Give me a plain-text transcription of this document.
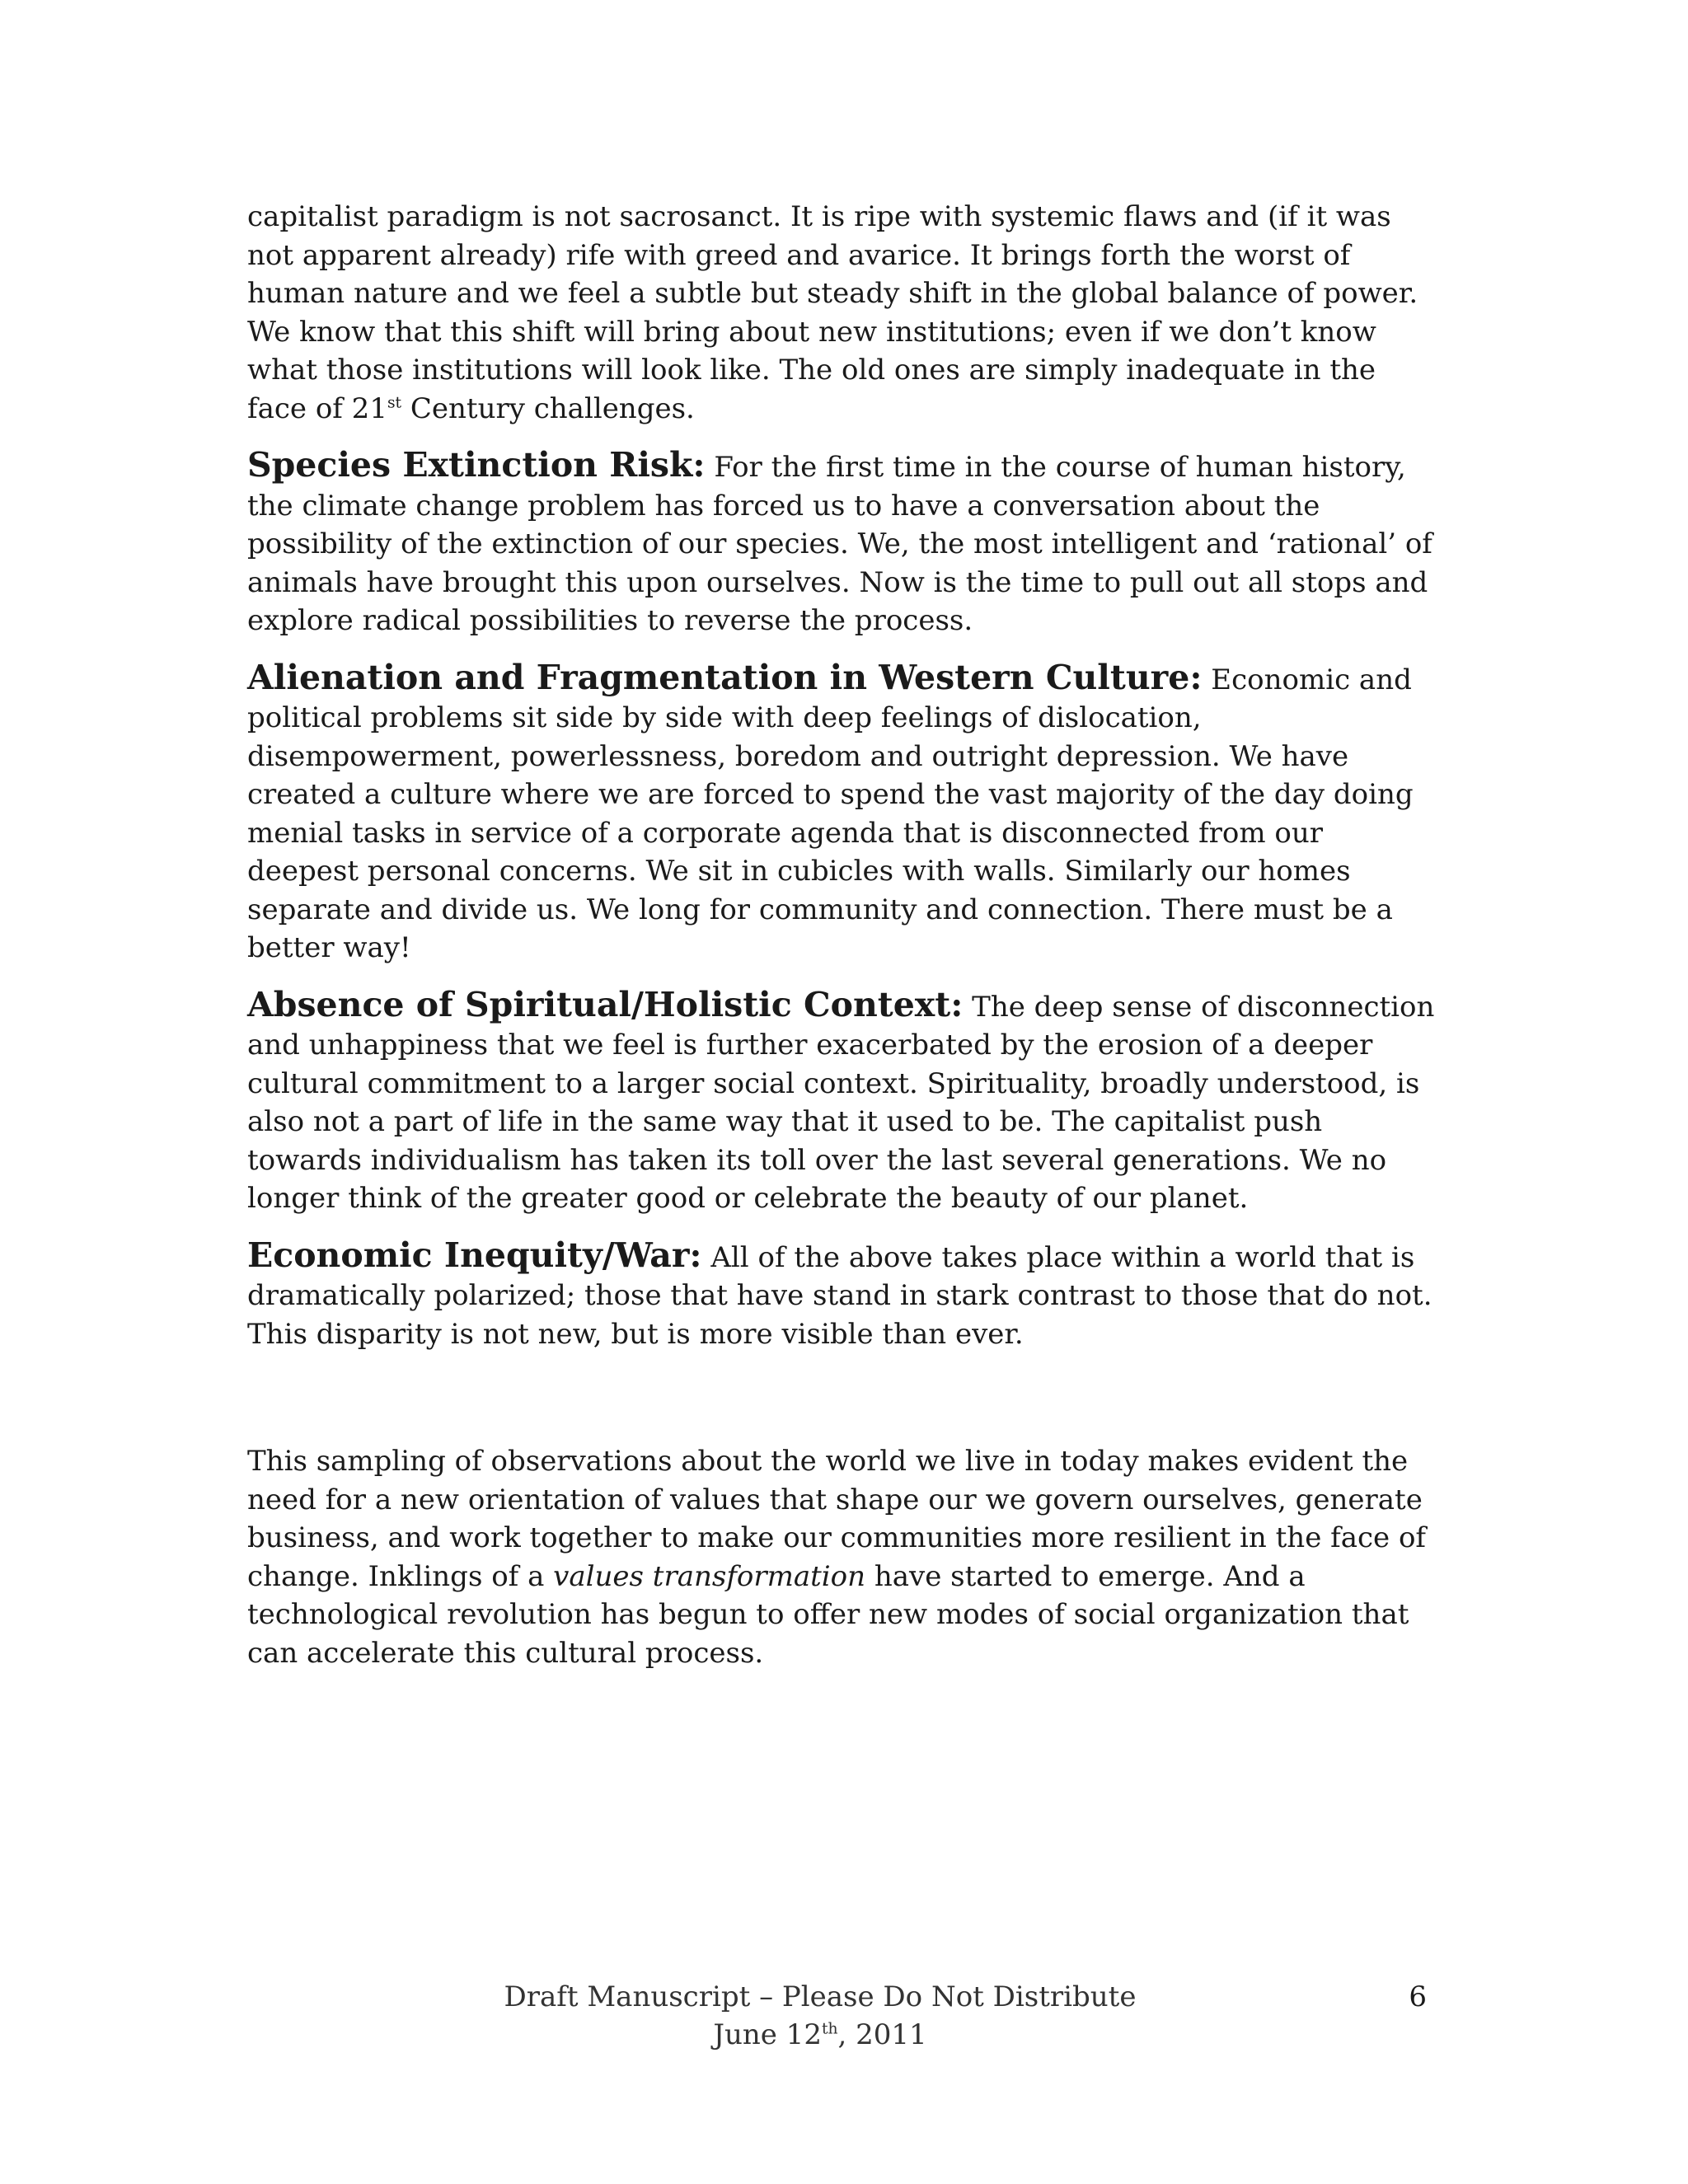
capitalist paradigm is not sacrosanct. It is ripe with systemic flaws and (if it was not apparent already) rife with greed and avarice. It brings forth the worst of human nature and we feel a subtle but steady shift in the global balance of power. We know that this shift will bring about new institutions; even if we don’t know what those institutions will look like. The old ones are simply inadequate in the face of 21st Century challenges.

Species Extinction Risk: For the first time in the course of human history, the climate change problem has forced us to have a conversation about the possibility of the extinction of our species. We, the most intelligent and ‘rational’ of animals have brought this upon ourselves. Now is the time to pull out all stops and explore radical possibilities to reverse the process.

Alienation and Fragmentation in Western Culture: Economic and political problems sit side by side with deep feelings of dislocation, disempowerment, powerlessness, boredom and outright depression. We have created a culture where we are forced to spend the vast majority of the day doing menial tasks in service of a corporate agenda that is disconnected from our deepest personal concerns. We sit in cubicles with walls. Similarly our homes separate and divide us. We long for community and connection. There must be a better way!

Absence of Spiritual/Holistic Context: The deep sense of disconnection and unhappiness that we feel is further exacerbated by the erosion of a deeper cultural commitment to a larger social context. Spirituality, broadly understood, is also not a part of life in the same way that it used to be. The capitalist push towards individualism has taken its toll over the last several generations. We no longer think of the greater good or celebrate the beauty of our planet.

Economic Inequity/War: All of the above takes place within a world that is dramatically polarized; those that have stand in stark contrast to those that do not. This disparity is not new, but is more visible than ever.

This sampling of observations about the world we live in today makes evident the need for a new orientation of values that shape our we govern ourselves, generate business, and work together to make our communities more resilient in the face of change. Inklings of a values transformation have started to emerge. And a technological revolution has begun to offer new modes of social organization that can accelerate this cultural process.

Draft Manuscript – Please Do Not Distribute
June 12th, 2011
6
